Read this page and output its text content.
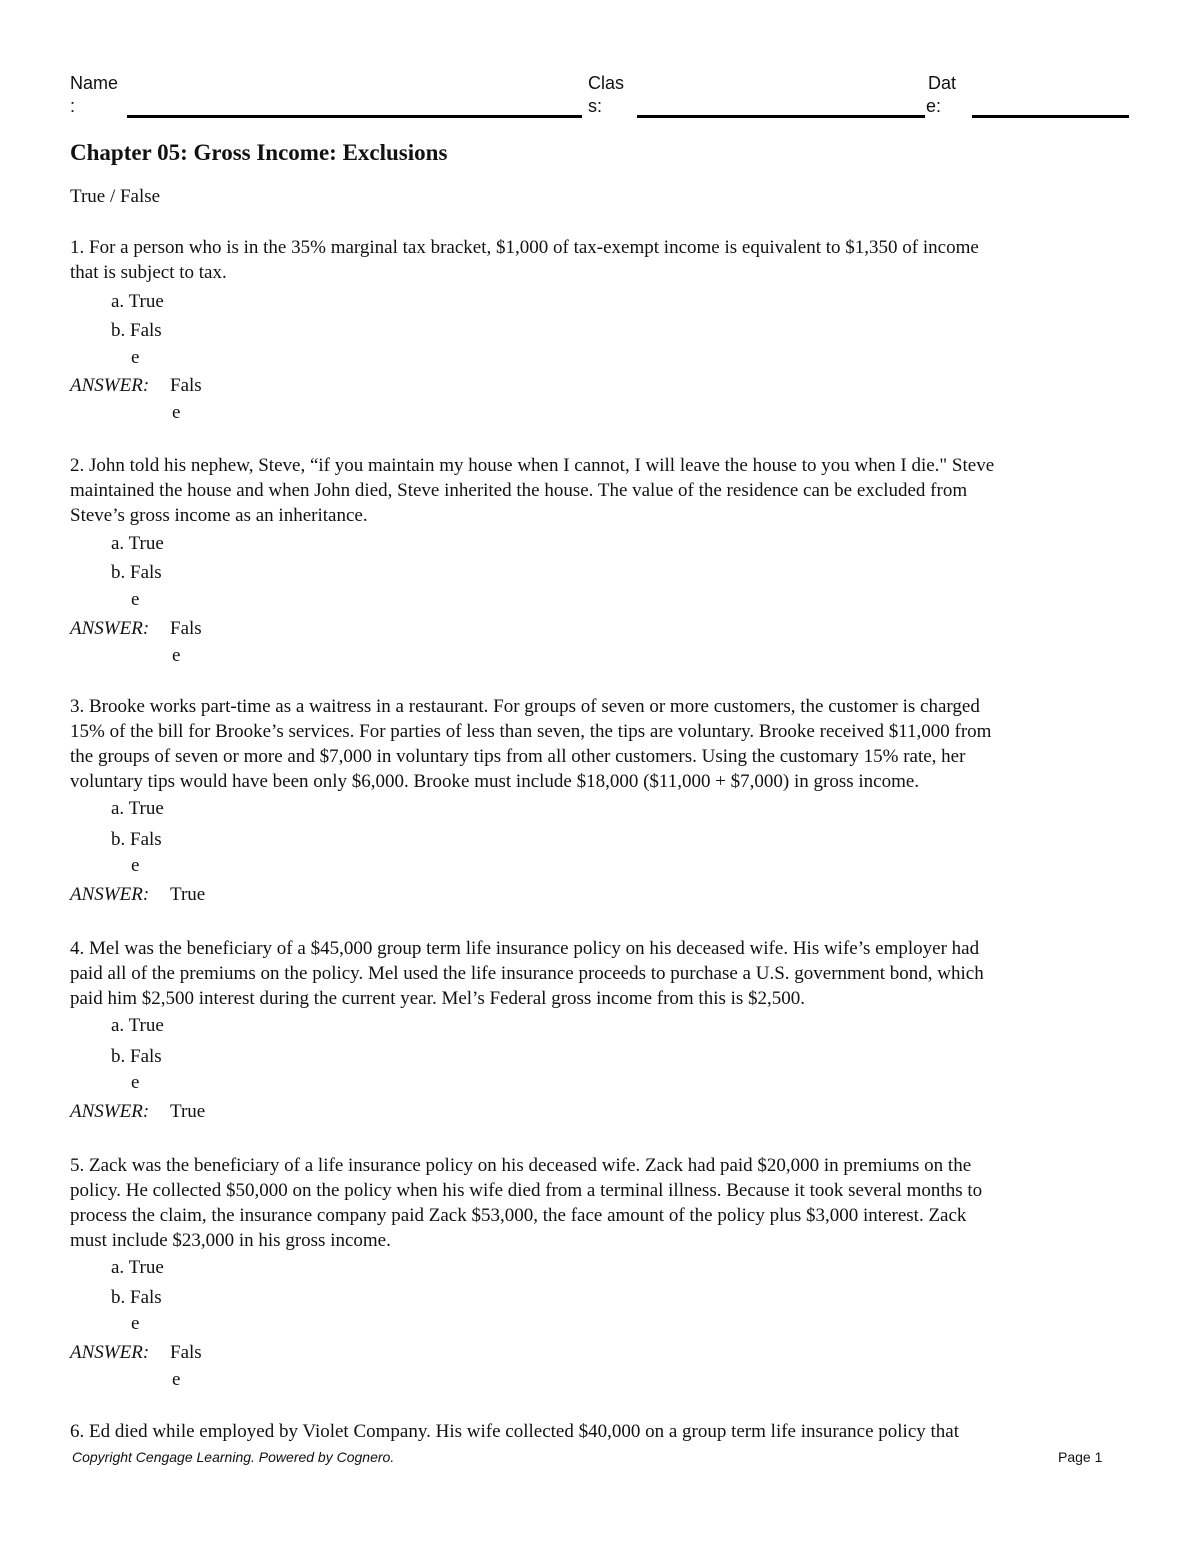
Name
:
Clas
s:
Dat
e:
Chapter 05: Gross Income: Exclusions
True / False
1. For a person who is in the 35% marginal tax bracket, $1,000 of tax-exempt income is equivalent to $1,350 of income
that is subject to tax.
a. True
b. Fals
e
ANSWER: Fals
e
2. John told his nephew, Steve, “if you maintain my house when I cannot, I will leave the house to you when I die." Steve
maintained the house and when John died, Steve inherited the house. The value of the residence can be excluded from
Steve’s gross income as an inheritance.
a. True
b. Fals
e
ANSWER: Fals
e
3. Brooke works part-time as a waitress in a restaurant. For groups of seven or more customers, the customer is charged
15% of the bill for Brooke’s services. For parties of less than seven, the tips are voluntary. Brooke received $11,000 from
the groups of seven or more and $7,000 in voluntary tips from all other customers. Using the customary 15% rate, her
voluntary tips would have been only $6,000. Brooke must include $18,000 ($11,000 + $7,000) in gross income.
a. True
b. Fals
e
ANSWER: True
4. Mel was the beneficiary of a $45,000 group term life insurance policy on his deceased wife. His wife’s employer had
paid all of the premiums on the policy. Mel used the life insurance proceeds to purchase a U.S. government bond, which
paid him $2,500 interest during the current year. Mel’s Federal gross income from this is $2,500.
a. True
b. Fals
e
ANSWER: True
5. Zack was the beneficiary of a life insurance policy on his deceased wife. Zack had paid $20,000 in premiums on the
policy. He collected $50,000 on the policy when his wife died from a terminal illness. Because it took several months to
process the claim, the insurance company paid Zack $53,000, the face amount of the policy plus $3,000 interest. Zack
must include $23,000 in his gross income.
a. True
b. Fals
e
ANSWER: Fals
e
6. Ed died while employed by Violet Company. His wife collected $40,000 on a group term life insurance policy that
Copyright Cengage Learning. Powered by Cognero.	Page 1
